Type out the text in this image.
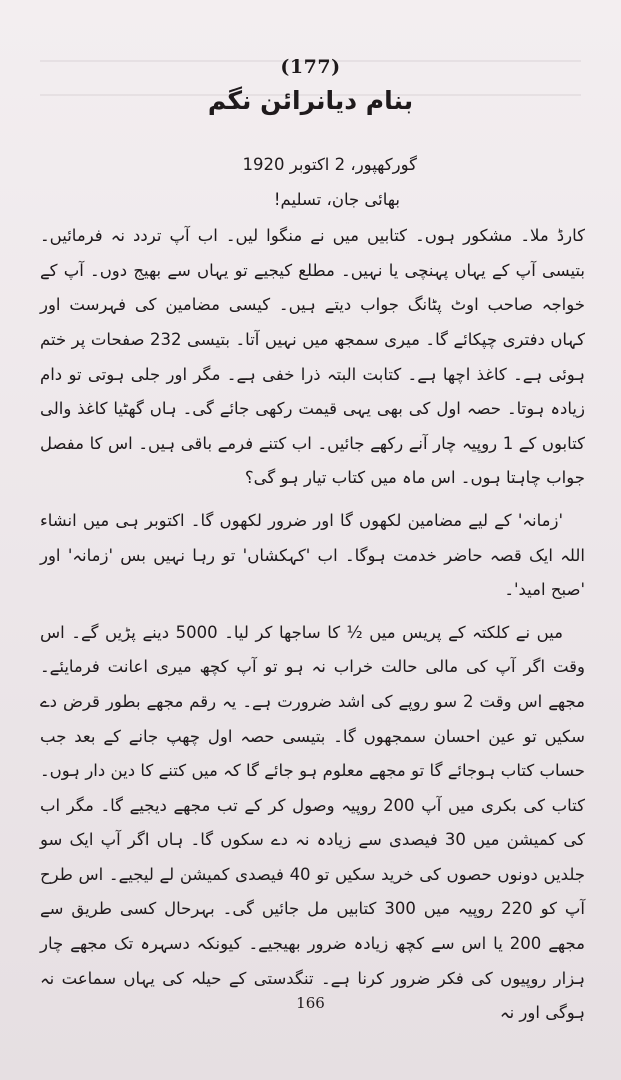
(177)
بنام دیانرائن نگم
گورکھپور، 2 اکتوبر 1920
بھائی جان، تسلیم!

کارڈ ملا۔ مشکور ہوں۔ کتابیں میں نے منگوا لیں۔ اب آپ تردد نہ فرمائیں۔ بتیسی آپ کے یہاں پہنچی یا نہیں۔ مطلع کیجیے تو یہاں سے بھیج دوں۔ آپ کے خواجہ صاحب اوٹ پٹانگ جواب دیتے ہیں۔ کیسی مضامین کی فہرست اور کہاں دفتری چپکائے گا۔ میری سمجھ میں نہیں آتا۔ بتیسی 232 صفحات پر ختم ہوئی ہے۔ کاغذ اچھا ہے۔ کتابت البتہ ذرا خفی ہے۔ مگر اور جلی ہوتی تو دام زیادہ ہوتا۔ حصہ اول کی بھی یہی قیمت رکھی جائے گی۔ ہاں گھٹیا کاغذ والی کتابوں کے 1 روپیہ چار آنے رکھے جائیں۔ اب کتنے فرمے باقی ہیں۔ اس کا مفصل جواب چاہتا ہوں۔ اس ماہ میں کتاب تیار ہو گی؟

'زمانہ' کے لیے مضامین لکھوں گا اور ضرور لکھوں گا۔ اکتوبر ہی میں انشاء اللہ ایک قصہ حاضر خدمت ہوگا۔ اب 'کہکشاں' تو رہا نہیں بس 'زمانہ' اور 'صبح امید'۔

میں نے کلکتہ کے پریس میں ½ کا ساجھا کر لیا۔ 5000 دینے پڑیں گے۔ اس وقت اگر آپ کی مالی حالت خراب نہ ہو تو آپ کچھ میری اعانت فرمایئے۔ مجھے اس وقت 2 سو روپے کی اشد ضرورت ہے۔ یہ رقم مجھے بطور قرض دے سکیں تو عین احسان سمجھوں گا۔ بتیسی حصہ اول چھپ جانے کے بعد جب حساب کتاب ہوجائے گا تو مجھے معلوم ہو جائے گا کہ میں کتنے کا دین دار ہوں۔ کتاب کی بکری میں آپ 200 روپیہ وصول کر کے تب مجھے دیجیے گا۔ مگر اب کی کمیشن میں 30 فیصدی سے زیادہ نہ دے سکوں گا۔ ہاں اگر آپ ایک سو جلدیں دونوں حصوں کی خرید سکیں تو 40 فیصدی کمیشن لے لیجیے۔ اس طرح آپ کو 220 روپیہ میں 300 کتابیں مل جائیں گی۔ بہرحال کسی طریق سے مجھے 200 یا اس سے کچھ زیادہ ضرور بھیجیے۔ کیونکہ دسہرہ تک مجھے چار ہزار روپیوں کی فکر ضرور کرنا ہے۔ تنگدستی کے حیلہ کی یہاں سماعت نہ ہوگی اور نہ

166
